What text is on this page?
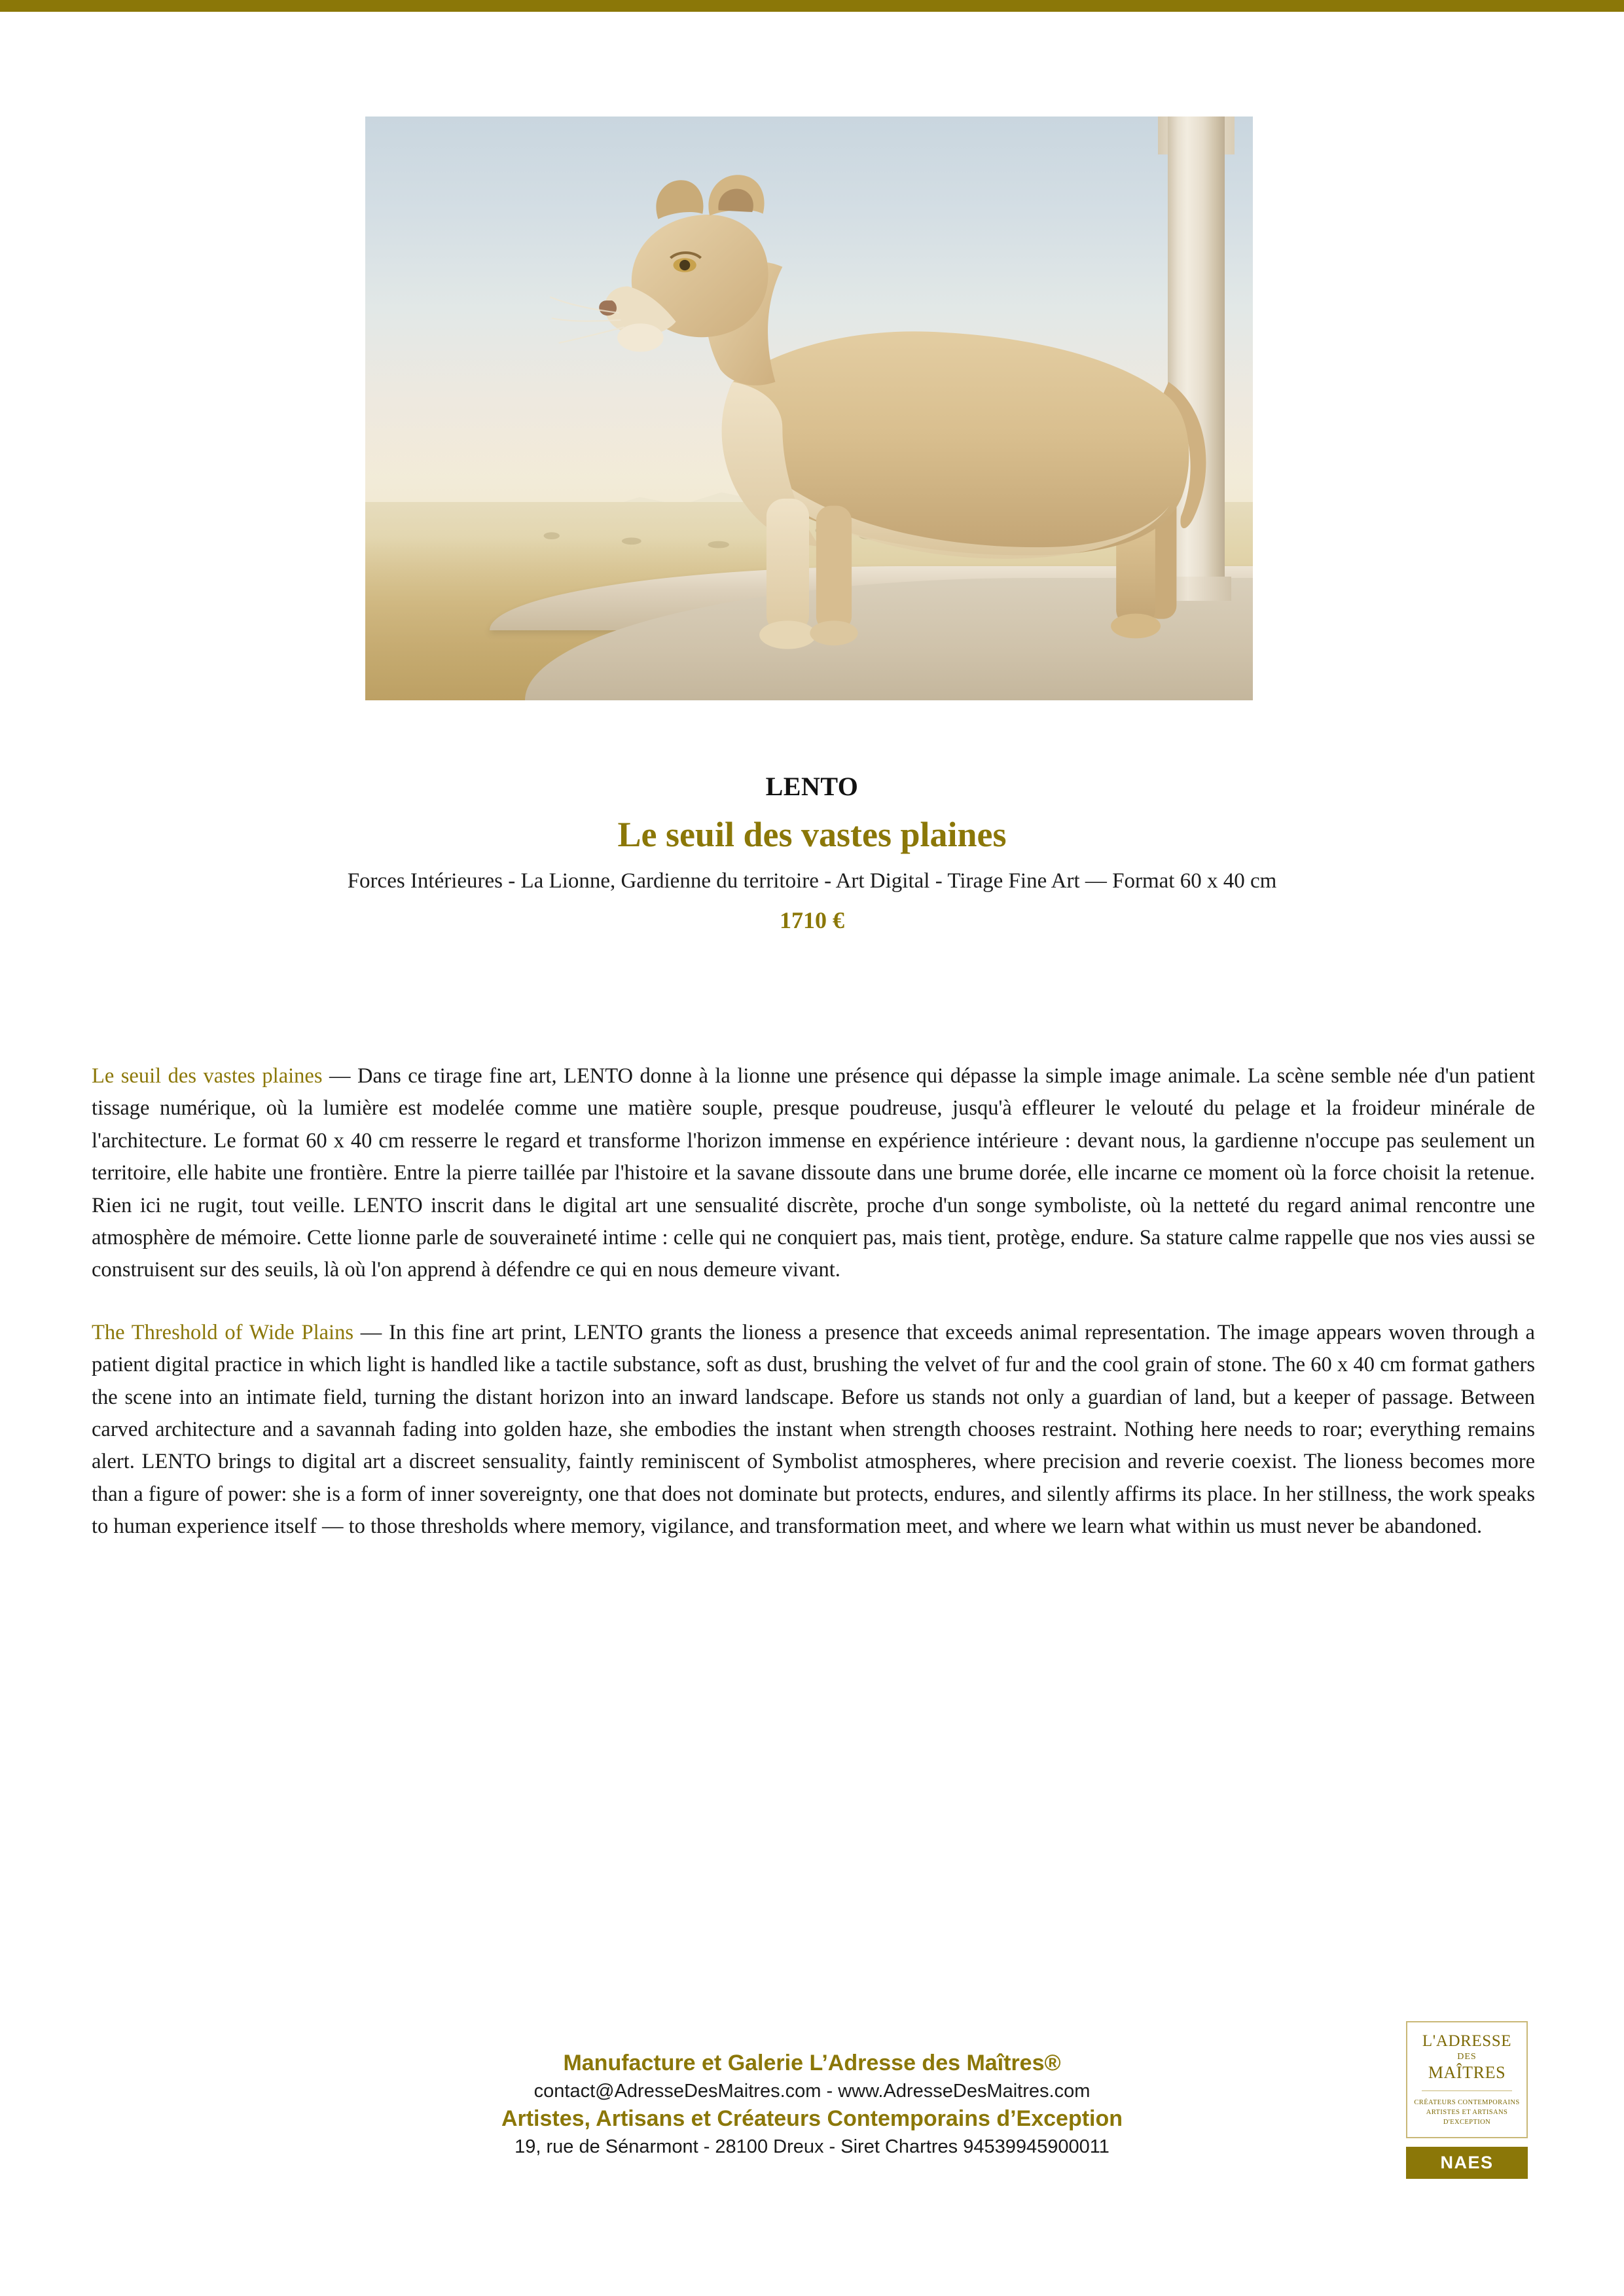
LENTO
Le seuil des vastes plaines
Forces Intérieures - La Lionne, Gardienne du territoire - Art Digital - Tirage Fine Art — Format 60 x 40 cm
1710 €

Le seuil des vastes plaines — Dans ce tirage fine art, LENTO donne à la lionne une présence qui dépasse la simple image animale. La scène semble née d'un patient tissage numérique, où la lumière est modelée comme une matière souple, presque poudreuse, jusqu'à effleurer le velouté du pelage et la froideur minérale de l'architecture. Le format 60 x 40 cm resserre le regard et transforme l'horizon immense en expérience intérieure : devant nous, la gardienne n'occupe pas seulement un territoire, elle habite une frontière. Entre la pierre taillée par l'histoire et la savane dissoute dans une brume dorée, elle incarne ce moment où la force choisit la retenue. Rien ici ne rugit, tout veille. LENTO inscrit dans le digital art une sensualité discrète, proche d'un songe symboliste, où la netteté du regard animal rencontre une atmosphère de mémoire. Cette lionne parle de souveraineté intime : celle qui ne conquiert pas, mais tient, protège, endure. Sa stature calme rappelle que nos vies aussi se construisent sur des seuils, là où l'on apprend à défendre ce qui en nous demeure vivant.

The Threshold of Wide Plains — In this fine art print, LENTO grants the lioness a presence that exceeds animal representation. The image appears woven through a patient digital practice in which light is handled like a tactile substance, soft as dust, brushing the velvet of fur and the cool grain of stone. The 60 x 40 cm format gathers the scene into an intimate field, turning the distant horizon into an inward landscape. Before us stands not only a guardian of land, but a keeper of passage. Between carved architecture and a savannah fading into golden haze, she embodies the instant when strength chooses restraint. Nothing here needs to roar; everything remains alert. LENTO brings to digital art a discreet sensuality, faintly reminiscent of Symbolist atmospheres, where precision and reverie coexist. The lioness becomes more than a figure of power: she is a form of inner sovereignty, one that does not dominate but protects, endures, and silently affirms its place. In her stillness, the work speaks to human experience itself — to those thresholds where memory, vigilance, and transformation meet, and where we learn what within us must never be abandoned.

Manufacture et Galerie L’Adresse des Maîtres®
contact@AdresseDesMaitres.com - www.AdresseDesMaitres.com
Artistes, Artisans et Créateurs Contemporains d’Exception
19, rue de Sénarmont - 28100 Dreux - Siret Chartres 94539945900011
L'ADRESSE
DES
MAÎTRES
CRÉATEURS CONTEMPORAINS
ARTISTES ET ARTISANS
D'EXCEPTION
NAES
